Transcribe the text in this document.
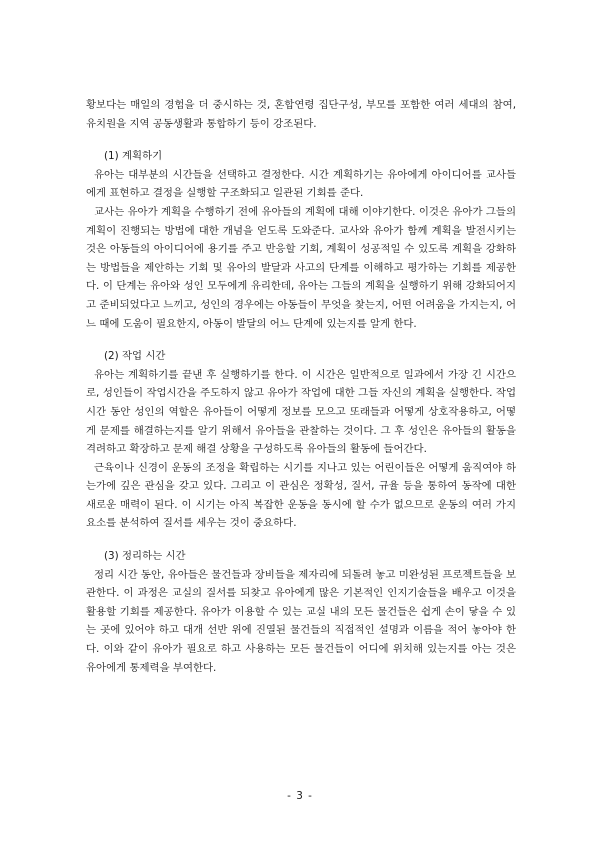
황보다는 매일의 경험을 더 중시하는 것, 혼합연령 집단구성, 부모를 포함한 여러 세대의 참여, 유치원을 지역 공동생활과 통합하기 등이 강조된다.

(1) 계획하기

유아는 대부분의 시간들을 선택하고 결정한다. 시간 계획하기는 유아에게 아이디어를 교사들에게 표현하고 결정을 실행할 구조화되고 일관된 기회를 준다.

교사는 유아가 계획을 수행하기 전에 유아들의 계획에 대해 이야기한다. 이것은 유아가 그들의 계획이 진행되는 방법에 대한 개념을 얻도록 도와준다. 교사와 유아가 함께 계획을 발전시키는 것은 아동들의 아이디어에 용기를 주고 반응할 기회, 계획이 성공적일 수 있도록 계획을 강화하는 방법들을 제안하는 기회 및 유아의 발달과 사고의 단계를 이해하고 평가하는 기회를 제공한다. 이 단계는 유아와 성인 모두에게 유리한데, 유아는 그들의 계획을 실행하기 위해 강화되어지고 준비되었다고 느끼고, 성인의 경우에는 아동들이 무엇을 찾는지, 어떤 어려움을 가지는지, 어느 때에 도움이 필요한지, 아동이 발달의 어느 단계에 있는지를 알게 한다.

(2) 작업 시간

유아는 계획하기를 끝낸 후 실행하기를 한다. 이 시간은 일반적으로 일과에서 가장 긴 시간으로, 성인들이 작업시간을 주도하지 않고 유아가 작업에 대한 그들 자신의 계획을 실행한다. 작업시간 동안 성인의 역할은 유아들이 어떻게 정보를 모으고 또래들과 어떻게 상호작용하고, 어떻게 문제를 해결하는지를 알기 위해서 유아들을 관찰하는 것이다. 그 후 성인은 유아들의 활동을 격려하고 확장하고 문제 해결 상황을 구성하도록 유아들의 활동에 들어간다.

근육이나 신경이 운동의 조정을 확립하는 시기를 지나고 있는 어린이들은 어떻게 움직여야 하는가에 깊은 관심을 갖고 있다. 그리고 이 관심은 정확성, 질서, 규율 등을 통하여 동작에 대한 새로운 매력이 된다. 이 시기는 아직 복잡한 운동을 동시에 할 수가 없으므로 운동의 여러 가지 요소를 분석하여 질서를 세우는 것이 중요하다.

(3) 정리하는 시간

정리 시간 동안, 유아들은 물건들과 장비들을 제자리에 되돌려 놓고 미완성된 프로젝트들을 보관한다. 이 과정은 교실의 질서를 되찾고 유아에게 많은 기본적인 인지기술들을 배우고 이것을 활용할 기회를 제공한다. 유아가 이용할 수 있는 교실 내의 모든 물건들은 쉽게 손이 닿을 수 있는 곳에 있어야 하고 대개 선반 위에 진열된 물건들의 직접적인 설명과 이름을 적어 놓아야 한다. 이와 같이 유아가 필요로 하고 사용하는 모든 물건들이 어디에 위치해 있는지를 아는 것은 유아에게 통제력을 부여한다.

- 3 -
